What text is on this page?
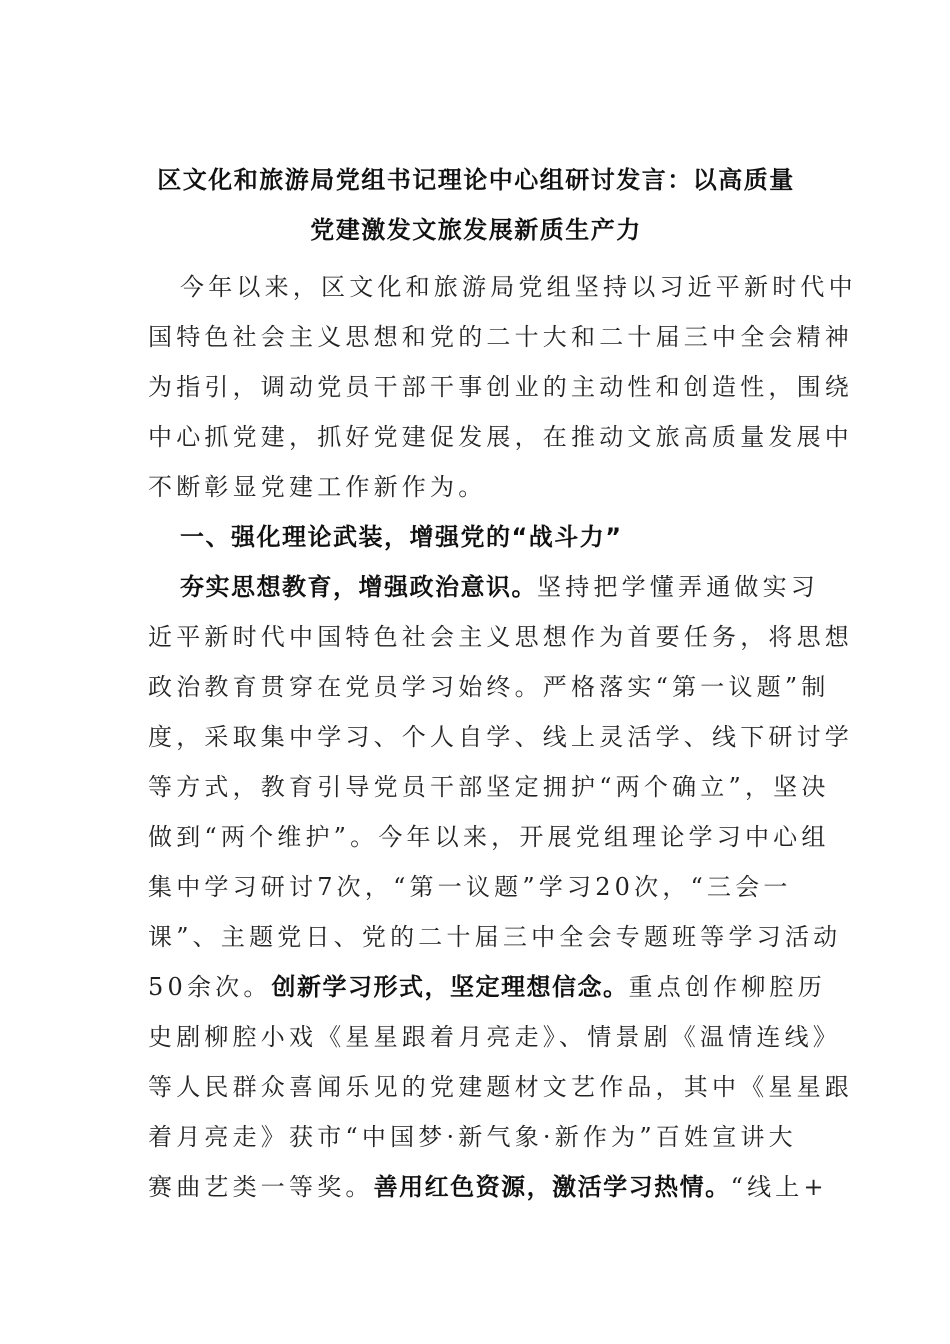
区文化和旅游局党组书记理论中心组研讨发言：以高质量
党建激发文旅发展新质生产力
今年以来，区文化和旅游局党组坚持以习近平新时代中
国特色社会主义思想和党的二十大和二十届三中全会精神
为指引，调动党员干部干事创业的主动性和创造性，围绕
中心抓党建，抓好党建促发展，在推动文旅高质量发展中
不断彰显党建工作新作为。
一、强化理论武装，增强党的“战斗力”
夯实思想教育，增强政治意识。坚持把学懂弄通做实习
近平新时代中国特色社会主义思想作为首要任务，将思想
政治教育贯穿在党员学习始终。严格落实“第一议题”制
度，采取集中学习、个人自学、线上灵活学、线下研讨学
等方式，教育引导党员干部坚定拥护“两个确立”，坚决
做到“两个维护”。今年以来，开展党组理论学习中心组
集中学习研讨7次，“第一议题”学习20次，“三会一
课”、主题党日、党的二十届三中全会专题班等学习活动
50余次。创新学习形式，坚定理想信念。重点创作柳腔历
史剧柳腔小戏《星星跟着月亮走》、情景剧《温情连线》
等人民群众喜闻乐见的党建题材文艺作品，其中《星星跟
着月亮走》获市“中国梦·新气象·新作为”百姓宣讲大
赛曲艺类一等奖。善用红色资源，激活学习热情。“线上+
